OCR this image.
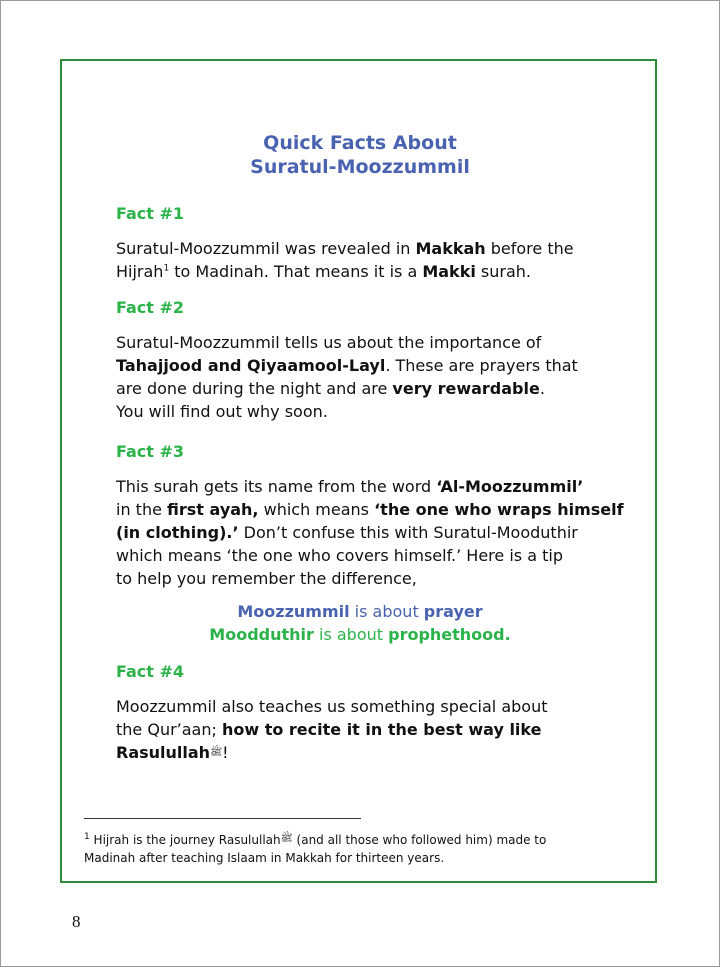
Quick Facts About
Suratul-Moozzummil
Fact #1
Suratul-Moozzummil was revealed in Makkah before the
Hijrah$^1$ to Madinah. That means it is a Makki surah.
Fact #2
Suratul-Moozzummil tells us about the importance of
Tahajjood and Qiyaamool-Layl. These are prayers that
are done during the night and are very rewardable.
You will find out why soon.
Fact #3
This surah gets its name from the word ‘Al-Moozzummil’
in the first ayah, which means ‘the one who wraps himself
(in clothing).’ Don’t confuse this with Suratul-Mooduthir
which means ‘the one who covers himself.’ Here is a tip
to help you remember the difference,
Moozzummil is about prayer
Moodduthir is about prophethood.
Fact #4
Moozzummil also teaches us something special about
the Qur’aan; how to recite it in the best way like
Rasulullahﷺ!
$^1$ Hijrah is the journey Rasulullah$^ﷺ$ (and all those who followed him) made to
Madinah after teaching Islaam in Makkah for thirteen years.
8
